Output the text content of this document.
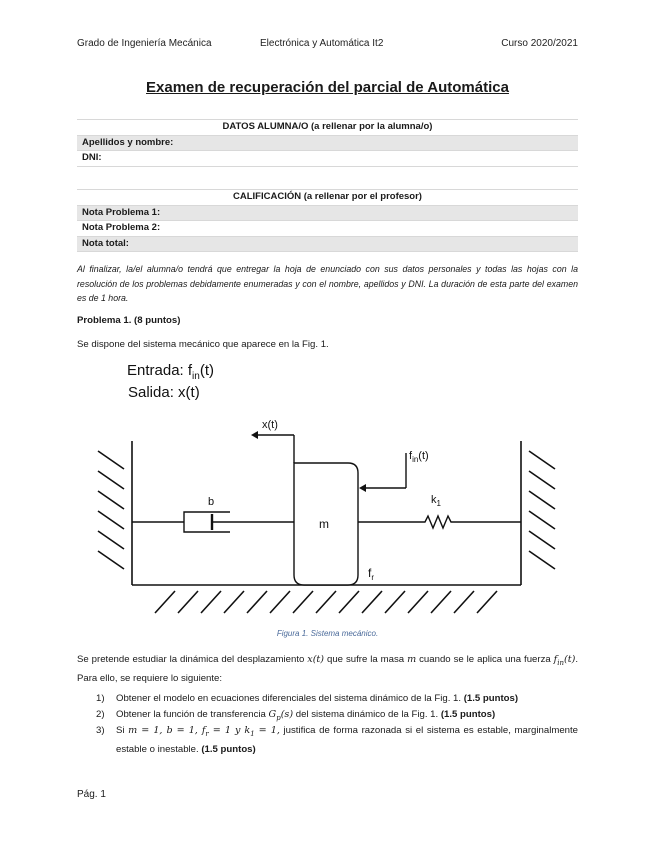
Grado de Ingeniería Mecánica	Electrónica y Automática It2	Curso 2020/2021
Examen de recuperación del parcial de Automática
DATOS ALUMNA/O (a rellenar por la alumna/o)
Apellidos y nombre:
DNI:
CALIFICACIÓN (a rellenar por el profesor)
Nota Problema 1:
Nota Problema 2:
Nota total:
Al finalizar, la/el alumna/o tendrá que entregar la hoja de enunciado con sus datos personales y todas las hojas con la resolución de los problemas debidamente enumeradas y con el nombre, apellidos y DNI. La duración de esta parte del examen es de 1 hora.
Problema 1. (8 puntos)
Se dispone del sistema mecánico que aparece en la Fig. 1.
Entrada: $f_{in}(t)$
Salida: x(t)
b
m
$k_1$
x(t)
$f_{in}(t)$
$f_r$
Figura 1. Sistema mecánico.
Se pretende estudiar la dinámica del desplazamiento x(t) que sufre la masa m cuando se le aplica una fuerza $f_{in}(t)$. Para ello, se requiere lo siguiente:
1) Obtener el modelo en ecuaciones diferenciales del sistema dinámico de la Fig. 1. (1.5 puntos)
2) Obtener la función de transferencia $G_p(s)$ del sistema dinámico de la Fig. 1. (1.5 puntos)
3) Si m = 1, b = 1, $f_r = 1$ y $k_1 = 1$, justifica de forma razonada si el sistema es estable, marginalmente estable o inestable. (1.5 puntos)
Pág. 1
